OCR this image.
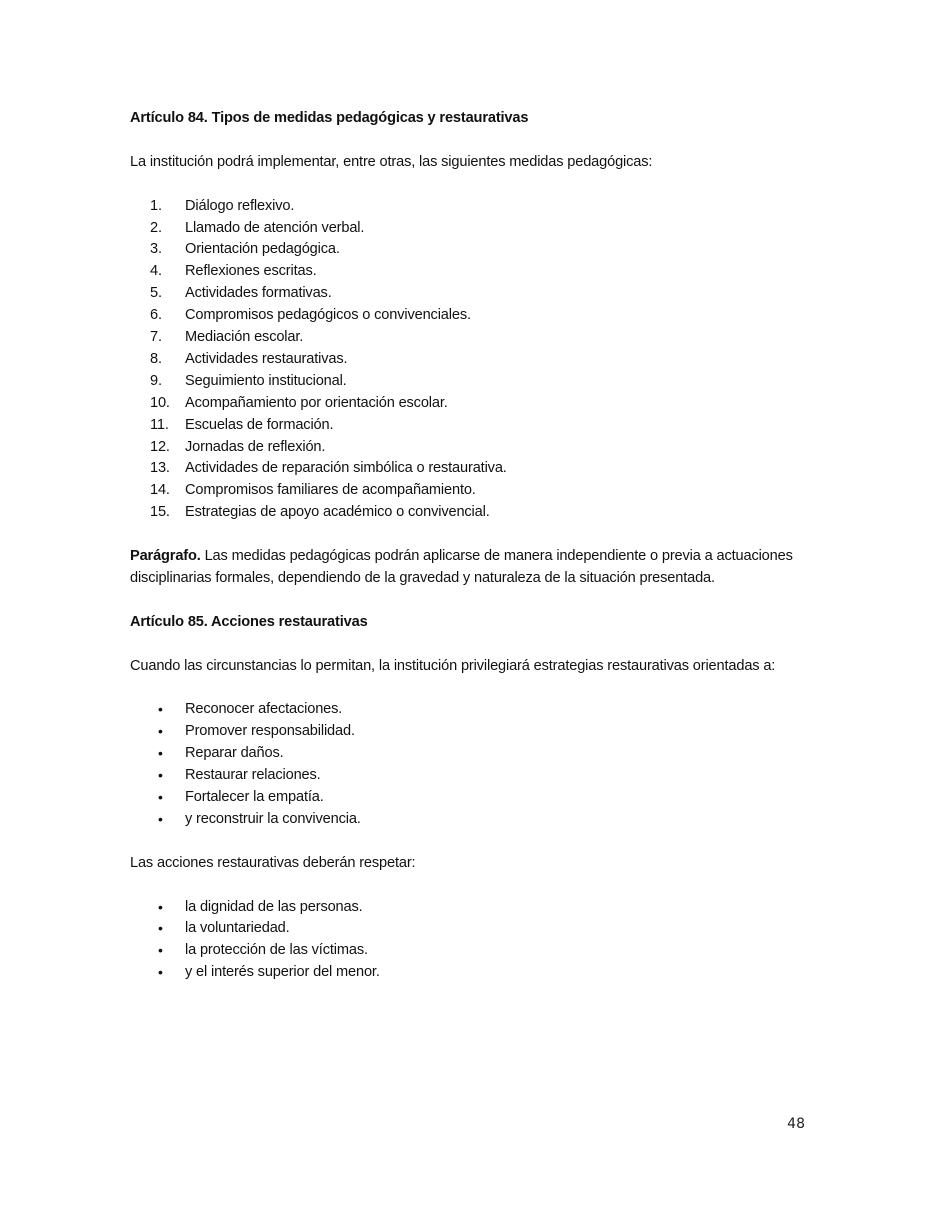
Artículo 84. Tipos de medidas pedagógicas y restaurativas
La institución podrá implementar, entre otras, las siguientes medidas pedagógicas:
1.	Diálogo reflexivo.
2.	Llamado de atención verbal.
3.	Orientación pedagógica.
4.	Reflexiones escritas.
5.	Actividades formativas.
6.	Compromisos pedagógicos o convivenciales.
7.	Mediación escolar.
8.	Actividades restaurativas.
9.	Seguimiento institucional.
10.	Acompañamiento por orientación escolar.
11.	Escuelas de formación.
12.	Jornadas de reflexión.
13.	Actividades de reparación simbólica o restaurativa.
14.	Compromisos familiares de acompañamiento.
15.	Estrategias de apoyo académico o convivencial.
Parágrafo. Las medidas pedagógicas podrán aplicarse de manera independiente o previa a actuaciones disciplinarias formales, dependiendo de la gravedad y naturaleza de la situación presentada.
Artículo 85. Acciones restaurativas
Cuando las circunstancias lo permitan, la institución privilegiará estrategias restaurativas orientadas a:
•	Reconocer afectaciones.
•	Promover responsabilidad.
•	Reparar daños.
•	Restaurar relaciones.
•	Fortalecer la empatía.
•	y reconstruir la convivencia.
Las acciones restaurativas deberán respetar:
•	la dignidad de las personas.
•	la voluntariedad.
•	la protección de las víctimas.
•	y el interés superior del menor.
48
